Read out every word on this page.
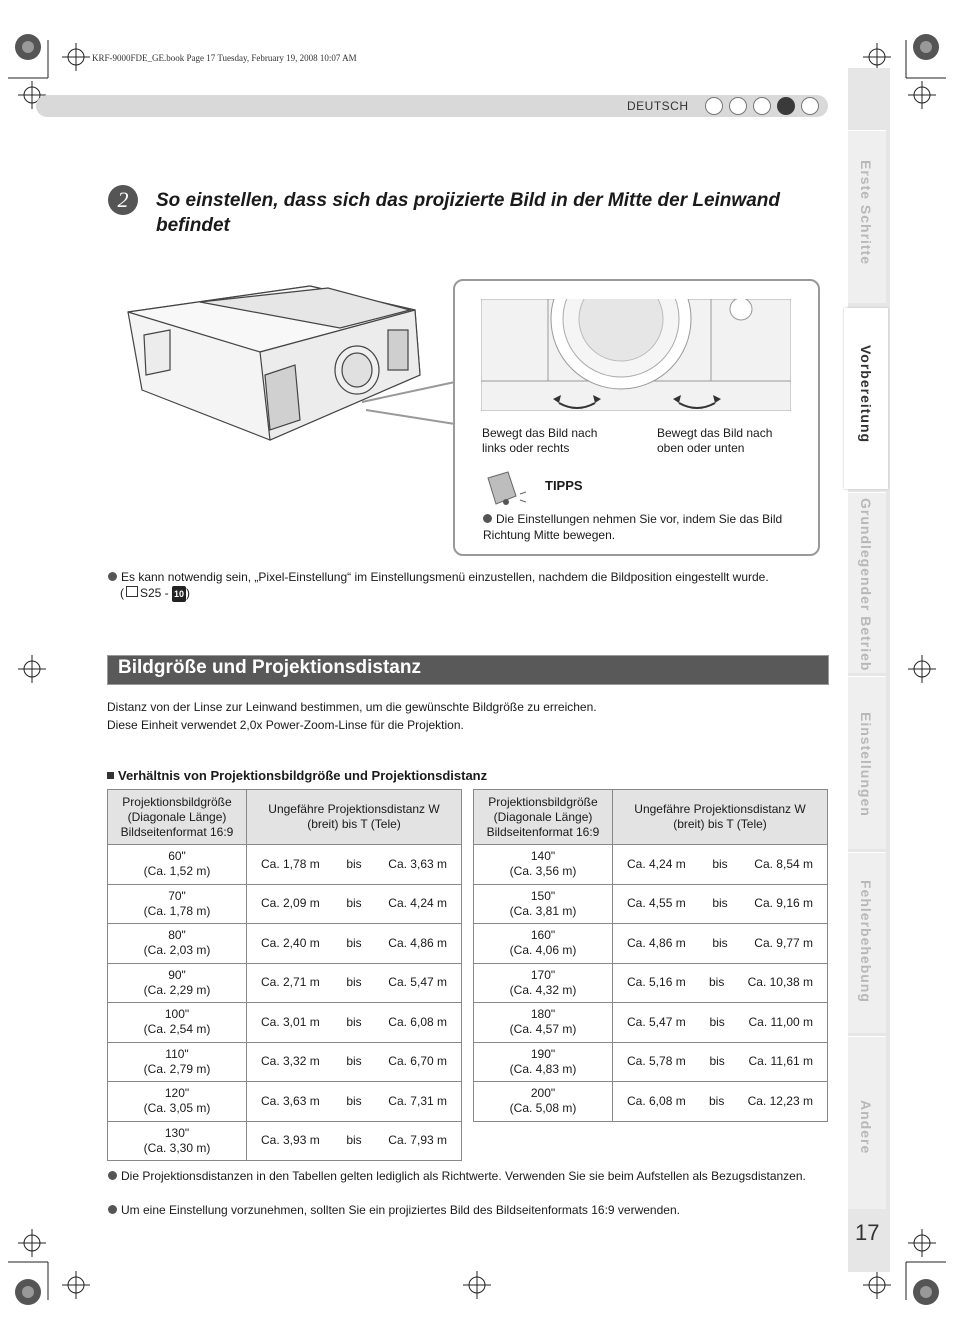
KRF-9000FDE_GE.book Page 17 Tuesday, February 19, 2008 10:07 AM
DEUTSCH
Erste Schritte
Vorbereitung
Grundlegender Betrieb
Einstellungen
Fehlerbehebung
Andere
17
2	So einstellen, dass sich das projizierte Bild in der Mitte der Leinwand befindet
Bewegt das Bild nach links oder rechts
Bewegt das Bild nach oben oder unten
TIPPS
Die Einstellungen nehmen Sie vor, indem Sie das Bild Richtung Mitte bewegen.
Es kann notwendig sein, „Pixel-Einstellung“ im Einstellungsmenü einzustellen, nachdem die Bildposition eingestellt wurde.
( S25 - 10 )
Bildgröße und Projektionsdistanz
Distanz von der Linse zur Leinwand bestimmen, um die gewünschte Bildgröße zu erreichen.
Diese Einheit verwendet 2,0x Power-Zoom-Linse für die Projektion.
Verhältnis von Projektionsbildgröße und Projektionsdistanz
Projektionsbildgröße (Diagonale Länge) Bildseitenformat 16:9	Ungefähre Projektionsdistanz W (breit) bis T (Tele)
60"
(Ca. 1,52 m)	Ca. 1,78 m bis Ca. 3,63 m

70"
(Ca. 1,78 m)	Ca. 2,09 m bis Ca. 4,24 m

80"
(Ca. 2,03 m)	Ca. 2,40 m bis Ca. 4,86 m

90"
(Ca. 2,29 m)	Ca. 2,71 m bis Ca. 5,47 m

100"
(Ca. 2,54 m)	Ca. 3,01 m bis Ca. 6,08 m

110"
(Ca. 2,79 m)	Ca. 3,32 m bis Ca. 6,70 m

120"
(Ca. 3,05 m)	Ca. 3,63 m bis Ca. 7,31 m

130"
(Ca. 3,30 m)	Ca. 3,93 m bis Ca. 7,93 m
Projektionsbildgröße (Diagonale Länge) Bildseitenformat 16:9	Ungefähre Projektionsdistanz W (breit) bis T (Tele)
140"
(Ca. 3,56 m)	Ca. 4,24 m bis Ca. 8,54 m

150"
(Ca. 3,81 m)	Ca. 4,55 m bis Ca. 9,16 m

160"
(Ca. 4,06 m)	Ca. 4,86 m bis Ca. 9,77 m

170"
(Ca. 4,32 m)	Ca. 5,16 m bis Ca. 10,38 m

180"
(Ca. 4,57 m)	Ca. 5,47 m bis Ca. 11,00 m

190"
(Ca. 4,83 m)	Ca. 5,78 m bis Ca. 11,61 m

200"
(Ca. 5,08 m)	Ca. 6,08 m bis Ca. 12,23 m
Die Projektionsdistanzen in den Tabellen gelten lediglich als Richtwerte. Verwenden Sie sie beim Aufstellen als Bezugsdistanzen.
Um eine Einstellung vorzunehmen, sollten Sie ein projiziertes Bild des Bildseitenformats 16:9 verwenden.
